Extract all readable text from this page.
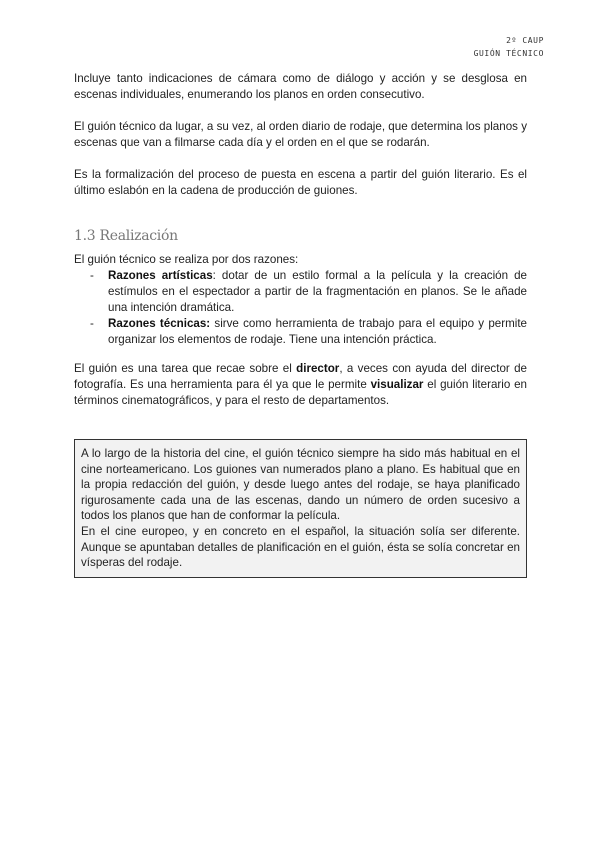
2º CAUP
GUIÓN TÉCNICO

Incluye tanto indicaciones de cámara como de diálogo y acción y se desglosa en escenas individuales, enumerando los planos en orden consecutivo.

El guión técnico da lugar, a su vez, al orden diario de rodaje, que determina los planos y escenas que van a filmarse cada día y el orden en el que se rodarán.

Es la formalización del proceso de puesta en escena a partir del guión literario. Es el último eslabón en la cadena de producción de guiones.

1.3 Realización

El guión técnico se realiza por dos razones:

- Razones artísticas: dotar de un estilo formal a la película y la creación de estímulos en el espectador a partir de la fragmentación en planos. Se le añade una intención dramática.
- Razones técnicas: sirve como herramienta de trabajo para el equipo y permite organizar los elementos de rodaje. Tiene una intención práctica.

El guión es una tarea que recae sobre el director, a veces con ayuda del director de fotografía. Es una herramienta para él ya que le permite visualizar el guión literario en términos cinematográficos, y para el resto de departamentos.

A lo largo de la historia del cine, el guión técnico siempre ha sido más habitual en el cine norteamericano. Los guiones van numerados plano a plano. Es habitual que en la propia redacción del guión, y desde luego antes del rodaje, se haya planificado rigurosamente cada una de las escenas, dando un número de orden sucesivo a todos los planos que han de conformar la película.

En el cine europeo, y en concreto en el español, la situación solía ser diferente. Aunque se apuntaban detalles de planificación en el guión, ésta se solía concretar en vísperas del rodaje.
